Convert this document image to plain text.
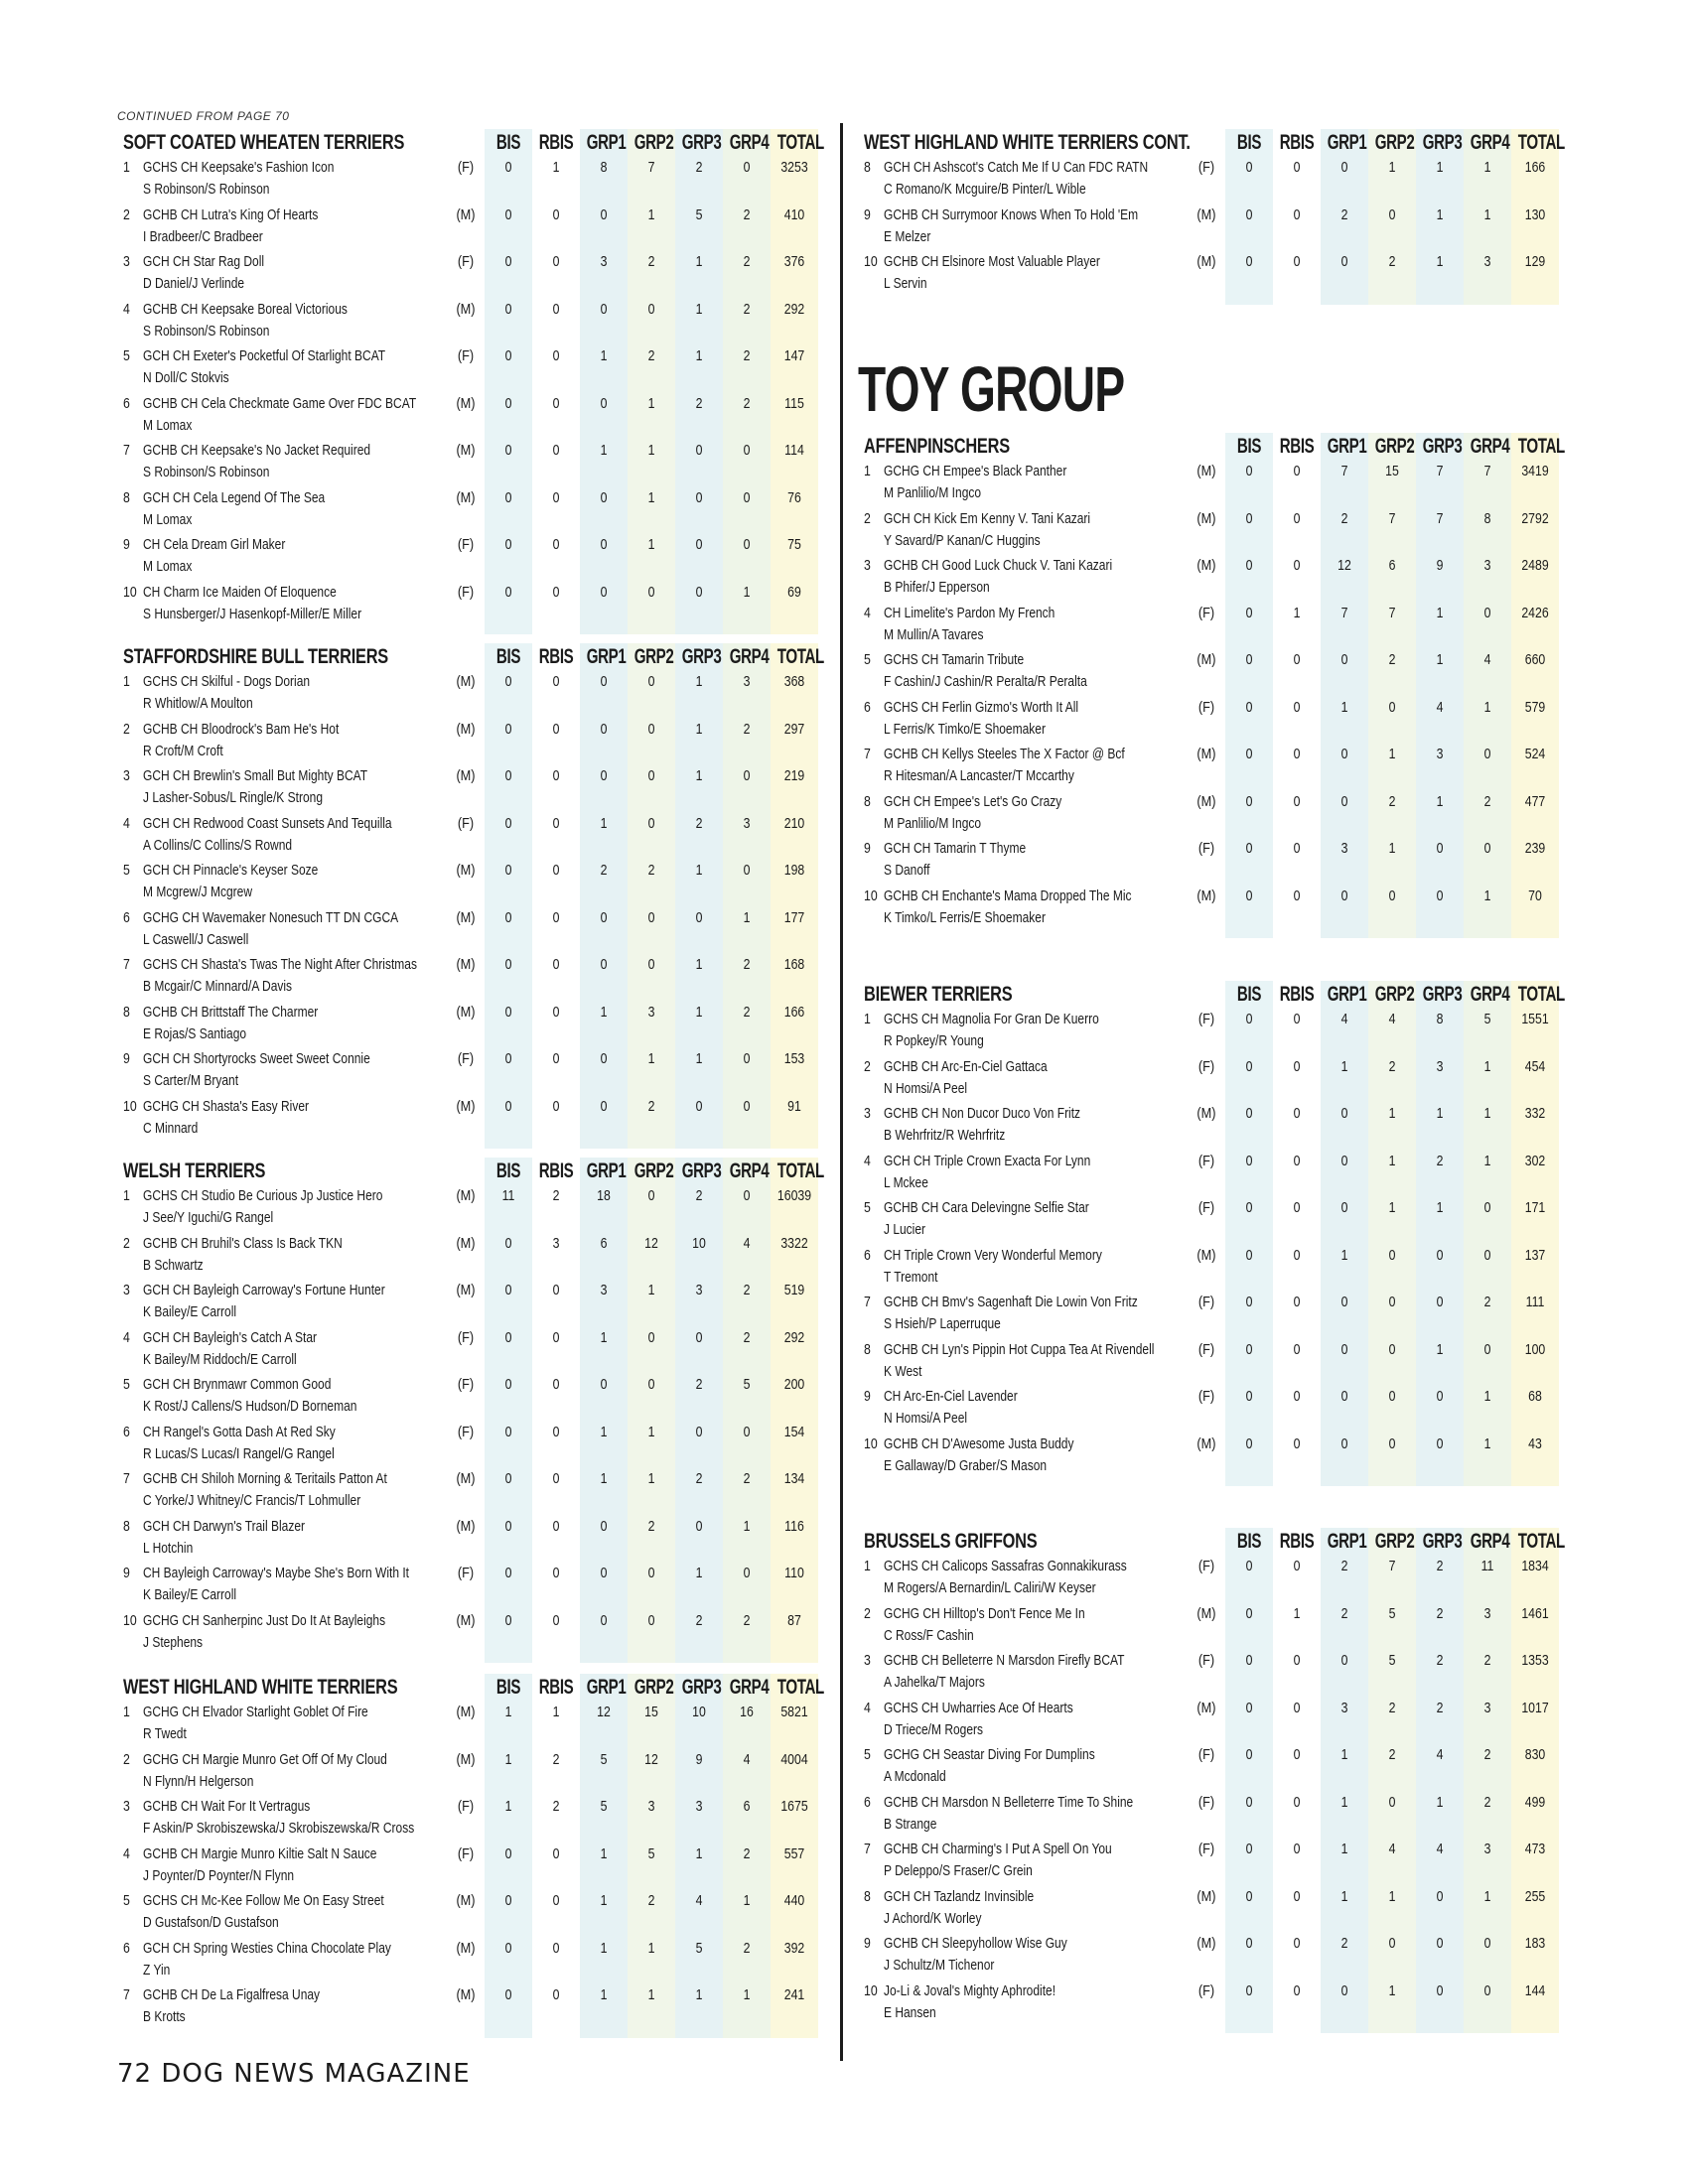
CONTINUED FROM PAGE 70
SOFT COATED WHEATEN TERRIERS	BIS RBIS GRP1 GRP2 GRP3 GRP4 TOTAL
1 GCHS CH Keepsake's Fashion Icon
S Robinson/S Robinson
(F)	0	1	8	7	2	0	3253
2 GCHB CH Lutra's King Of Hearts
I Bradbeer/C Bradbeer
(M)	0	0	0	1	5	2	410
3 GCH CH Star Rag Doll
D Daniel/J Verlinde
(F)	0	0	3	2	1	2	376
4 GCHB CH Keepsake Boreal Victorious
S Robinson/S Robinson
(M)	0	0	0	0	1	2	292
5 GCH CH Exeter's Pocketful Of Starlight BCAT
N Doll/C Stokvis
(F)	0	0	1	2	1	2	147
6 GCHB CH Cela Checkmate Game Over FDC BCAT
M Lomax
(M)	0	0	0	1	2	2	115
7 GCHB CH Keepsake's No Jacket Required
S Robinson/S Robinson
(M)	0	0	1	1	0	0	114
8 GCH CH Cela Legend Of The Sea
M Lomax
(M)	0	0	0	1	0	0	76
9 CH Cela Dream Girl Maker
M Lomax
(F)	0	0	0	1	0	0	75
10 CH Charm Ice Maiden Of Eloquence
S Hunsberger/J Hasenkopf-Miller/E Miller
(F)	0	0	0	0	0	1	69
STAFFORDSHIRE BULL TERRIERS	BIS RBIS GRP1 GRP2 GRP3 GRP4 TOTAL
1 GCHS CH Skilful - Dogs Dorian
R Whitlow/A Moulton
(M)	0	0	0	0	1	3	368
2 GCHB CH Bloodrock's Bam He's Hot
R Croft/M Croft
(M)	0	0	0	0	1	2	297
3 GCH CH Brewlin's Small But Mighty BCAT
J Lasher-Sobus/L Ringle/K Strong
(M)	0	0	0	0	1	0	219
4 GCH CH Redwood Coast Sunsets And Tequilla
A Collins/C Collins/S Rownd
(F)	0	0	1	0	2	3	210
5 GCH CH Pinnacle's Keyser Soze
M Mcgrew/J Mcgrew
(M)	0	0	2	2	1	0	198
6 GCHG CH Wavemaker Nonesuch TT DN CGCA
L Caswell/J Caswell
(M)	0	0	0	0	0	1	177
7 GCHS CH Shasta's Twas The Night After Christmas
B Mcgair/C Minnard/A Davis
(M)	0	0	0	0	1	2	168
8 GCHB CH Brittstaff The Charmer
E Rojas/S Santiago
(M)	0	0	1	3	1	2	166
9 GCH CH Shortyrocks Sweet Sweet Connie
S Carter/M Bryant
(F)	0	0	0	1	1	0	153
10 GCHG CH Shasta's Easy River
C Minnard
(M)	0	0	0	2	0	0	91
WELSH TERRIERS	BIS RBIS GRP1 GRP2 GRP3 GRP4 TOTAL
1 GCHS CH Studio Be Curious Jp Justice Hero
J See/Y Iguchi/G Rangel
(M)	11	2	18	0	2	0	16039
2 GCHB CH Bruhil's Class Is Back TKN
B Schwartz
(M)	0	3	6	12	10	4	3322
3 GCH CH Bayleigh Carroway's Fortune Hunter
K Bailey/E Carroll
(M)	0	0	3	1	3	2	519
4 GCH CH Bayleigh's Catch A Star
K Bailey/M Riddoch/E Carroll
(F)	0	0	1	0	0	2	292
5 GCH CH Brynmawr Common Good
K Rost/J Callens/S Hudson/D Borneman
(F)	0	0	0	0	2	5	200
6 CH Rangel's Gotta Dash At Red Sky
R Lucas/S Lucas/I Rangel/G Rangel
(F)	0	0	1	1	0	0	154
7 GCHB CH Shiloh Morning & Teritails Patton At
C Yorke/J Whitney/C Francis/T Lohmuller
(M)	0	0	1	1	2	2	134
8 GCH CH Darwyn's Trail Blazer
L Hotchin
(M)	0	0	0	2	0	1	116
9 CH Bayleigh Carroway's Maybe She's Born With It
K Bailey/E Carroll
(F)	0	0	0	0	1	0	110
10 GCHG CH Sanherpinc Just Do It At Bayleighs
J Stephens
(M)	0	0	0	0	2	2	87
WEST HIGHLAND WHITE TERRIERS	BIS RBIS GRP1 GRP2 GRP3 GRP4 TOTAL
1 GCHG CH Elvador Starlight Goblet Of Fire
R Twedt
(M)	1	1	12	15	10	16	5821
2 GCHG CH Margie Munro Get Off Of My Cloud
N Flynn/H Helgerson
(M)	1	2	5	12	9	4	4004
3 GCHB CH Wait For It Vertragus
F Askin/P Skrobiszewska/J Skrobiszewska/R Cross
(F)	1	2	5	3	3	6	1675
4 GCHB CH Margie Munro Kiltie Salt N Sauce
J Poynter/D Poynter/N Flynn
(F)	0	0	1	5	1	2	557
5 GCHS CH Mc-Kee Follow Me On Easy Street
D Gustafson/D Gustafson
(M)	0	0	1	2	4	1	440
6 GCH CH Spring Westies China Chocolate Play
Z Yin
(M)	0	0	1	1	5	2	392
7 GCHB CH De La Figalfresa Unay
B Krotts
(M)	0	0	1	1	1	1	241
WEST HIGHLAND WHITE TERRIERS CONT. BIS RBIS GRP1 GRP2 GRP3 GRP4 TOTAL
8 GCH CH Ashscot's Catch Me If U Can FDC RATN
C Romano/K Mcguire/B Pinter/L Wible
(F)	0	0	0	1	1	1	166
9 GCHB CH Surrymoor Knows When To Hold 'Em
E Melzer
(M)	0	0	2	0	1	1	130
10 GCHB CH Elsinore Most Valuable Player
L Servin
(M)	0	0	0	2	1	3	129
TOY GROUP
AFFENPINSCHERS	BIS RBIS GRP1 GRP2 GRP3 GRP4 TOTAL
1 GCHG CH Empee's Black Panther
M Panlilio/M Ingco
(M)	0	0	7	15	7	7	3419
2 GCH CH Kick Em Kenny V. Tani Kazari
Y Savard/P Kanan/C Huggins
(M)	0	0	2	7	7	8	2792
3 GCHB CH Good Luck Chuck V. Tani Kazari
B Phifer/J Epperson
(M)	0	0	12	6	9	3	2489
4 CH Limelite's Pardon My French
M Mullin/A Tavares
(F)	0	1	7	7	1	0	2426
5 GCHS CH Tamarin Tribute
F Cashin/J Cashin/R Peralta/R Peralta
(M)	0	0	0	2	1	4	660
6 GCHS CH Ferlin Gizmo's Worth It All
L Ferris/K Timko/E Shoemaker
(F)	0	0	1	0	4	1	579
7 GCHB CH Kellys Steeles The X Factor @ Bcf
R Hitesman/A Lancaster/T Mccarthy
(M)	0	0	0	1	3	0	524
8 GCH CH Empee's Let's Go Crazy
M Panlilio/M Ingco
(M)	0	0	0	2	1	2	477
9 GCH CH Tamarin T Thyme
S Danoff
(F)	0	0	3	1	0	0	239
10 GCHB CH Enchante's Mama Dropped The Mic
K Timko/L Ferris/E Shoemaker
(M)	0	0	0	0	0	1	70
BIEWER TERRIERS	BIS RBIS GRP1 GRP2 GRP3 GRP4 TOTAL
1 GCHS CH Magnolia For Gran De Kuerro
R Popkey/R Young
(F)	0	0	4	4	8	5	1551
2 GCHB CH Arc-En-Ciel Gattaca
N Homsi/A Peel
(F)	0	0	1	2	3	1	454
3 GCHB CH Non Ducor Duco Von Fritz
B Wehrfritz/R Wehrfritz
(M)	0	0	0	1	1	1	332
4 GCH CH Triple Crown Exacta For Lynn
L Mckee
(F)	0	0	0	1	2	1	302
5 GCHB CH Cara Delevingne Selfie Star
J Lucier
(F)	0	0	0	1	1	0	171
6 CH Triple Crown Very Wonderful Memory
T Tremont
(M)	0	0	1	0	0	0	137
7 GCHB CH Bmv's Sagenhaft Die Lowin Von Fritz
S Hsieh/P Laperruque
(F)	0	0	0	0	0	2	111
8 GCHB CH Lyn's Pippin Hot Cuppa Tea At Rivendell
K West
(F)	0	0	0	0	1	0	100
9 CH Arc-En-Ciel Lavender
N Homsi/A Peel
(F)	0	0	0	0	0	1	68
10 GCHB CH D'Awesome Justa Buddy
E Gallaway/D Graber/S Mason
(M)	0	0	0	0	0	1	43
BRUSSELS GRIFFONS	BIS RBIS GRP1 GRP2 GRP3 GRP4 TOTAL
1 GCHS CH Calicops Sassafras Gonnakikurass
M Rogers/A Bernardin/L Caliri/W Keyser
(F)	0	0	2	7	2	11	1834
2 GCHG CH Hilltop's Don't Fence Me In
C Ross/F Cashin
(M)	0	1	2	5	2	3	1461
3 GCHB CH Belleterre N Marsdon Firefly BCAT
A Jahelka/T Majors
(F)	0	0	0	5	2	2	1353
4 GCHS CH Uwharries Ace Of Hearts
D Triece/M Rogers
(M)	0	0	3	2	2	3	1017
5 GCHG CH Seastar Diving For Dumplins
A Mcdonald
(F)	0	0	1	2	4	2	830
6 GCHB CH Marsdon N Belleterre Time To Shine
B Strange
(F)	0	0	1	0	1	2	499
7 GCHB CH Charming's I Put A Spell On You
P Deleppo/S Fraser/C Grein
(F)	0	0	1	4	4	3	473
8 GCH CH Tazlandz Invinsible
J Achord/K Worley
(M)	0	0	1	1	0	1	255
9 GCHB CH Sleepyhollow Wise Guy
J Schultz/M Tichenor
(M)	0	0	2	0	0	0	183
10 Jo-Li & Joval's Mighty Aphrodite!
E Hansen
(F)	0	0	0	1	0	0	144
72 DOG NEWS MAGAZINE
